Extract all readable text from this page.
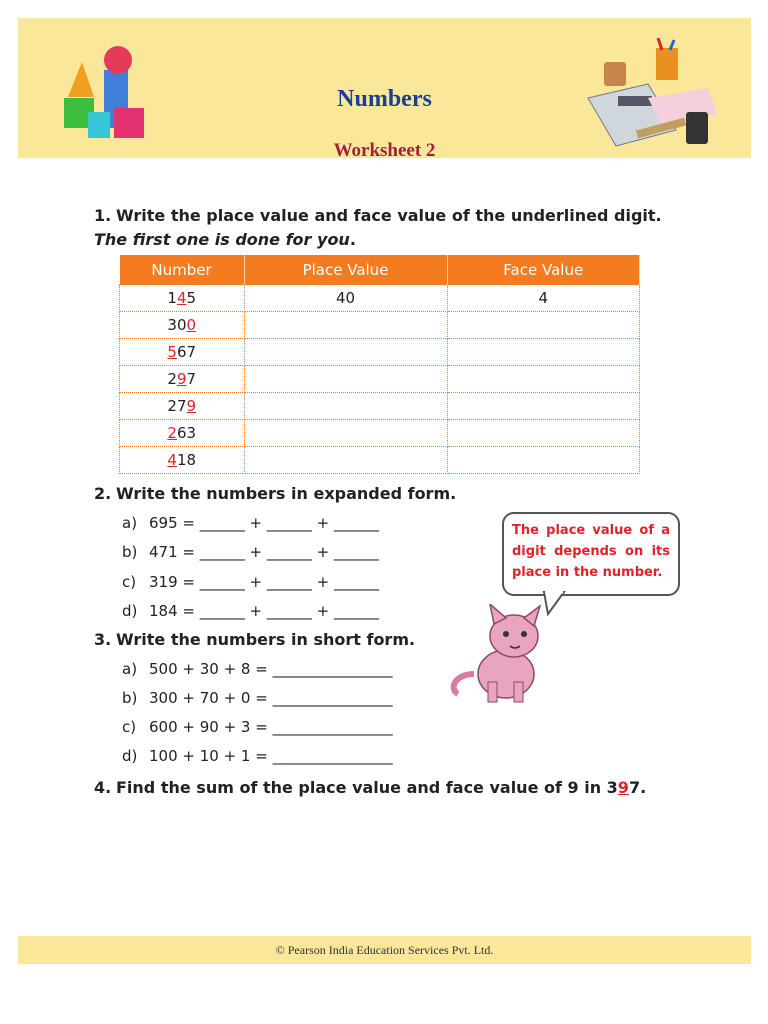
Numbers
Worksheet 2
1. Write the place value and face value of the underlined digit. The first one is done for you.
Number	Place Value	Face Value
145	40	4
300		
567		
297		
279		
263		
418		
2. Write the numbers in expanded form.
a) 695 = ______ + ______ + ______
b) 471 = ______ + ______ + ______
c) 319 = ______ + ______ + ______
d) 184 = ______ + ______ + ______

The place value of a digit depends on its place in the number.

3. Write the numbers in short form.
a) 500 + 30 + 8 = ________________
b) 300 + 70 + 0 = ________________
c) 600 + 90 + 3 = ________________
d) 100 + 10 + 1 = ________________
4. Find the sum of the place value and face value of 9 in 397.
© Pearson India Education Services Pvt. Ltd.
